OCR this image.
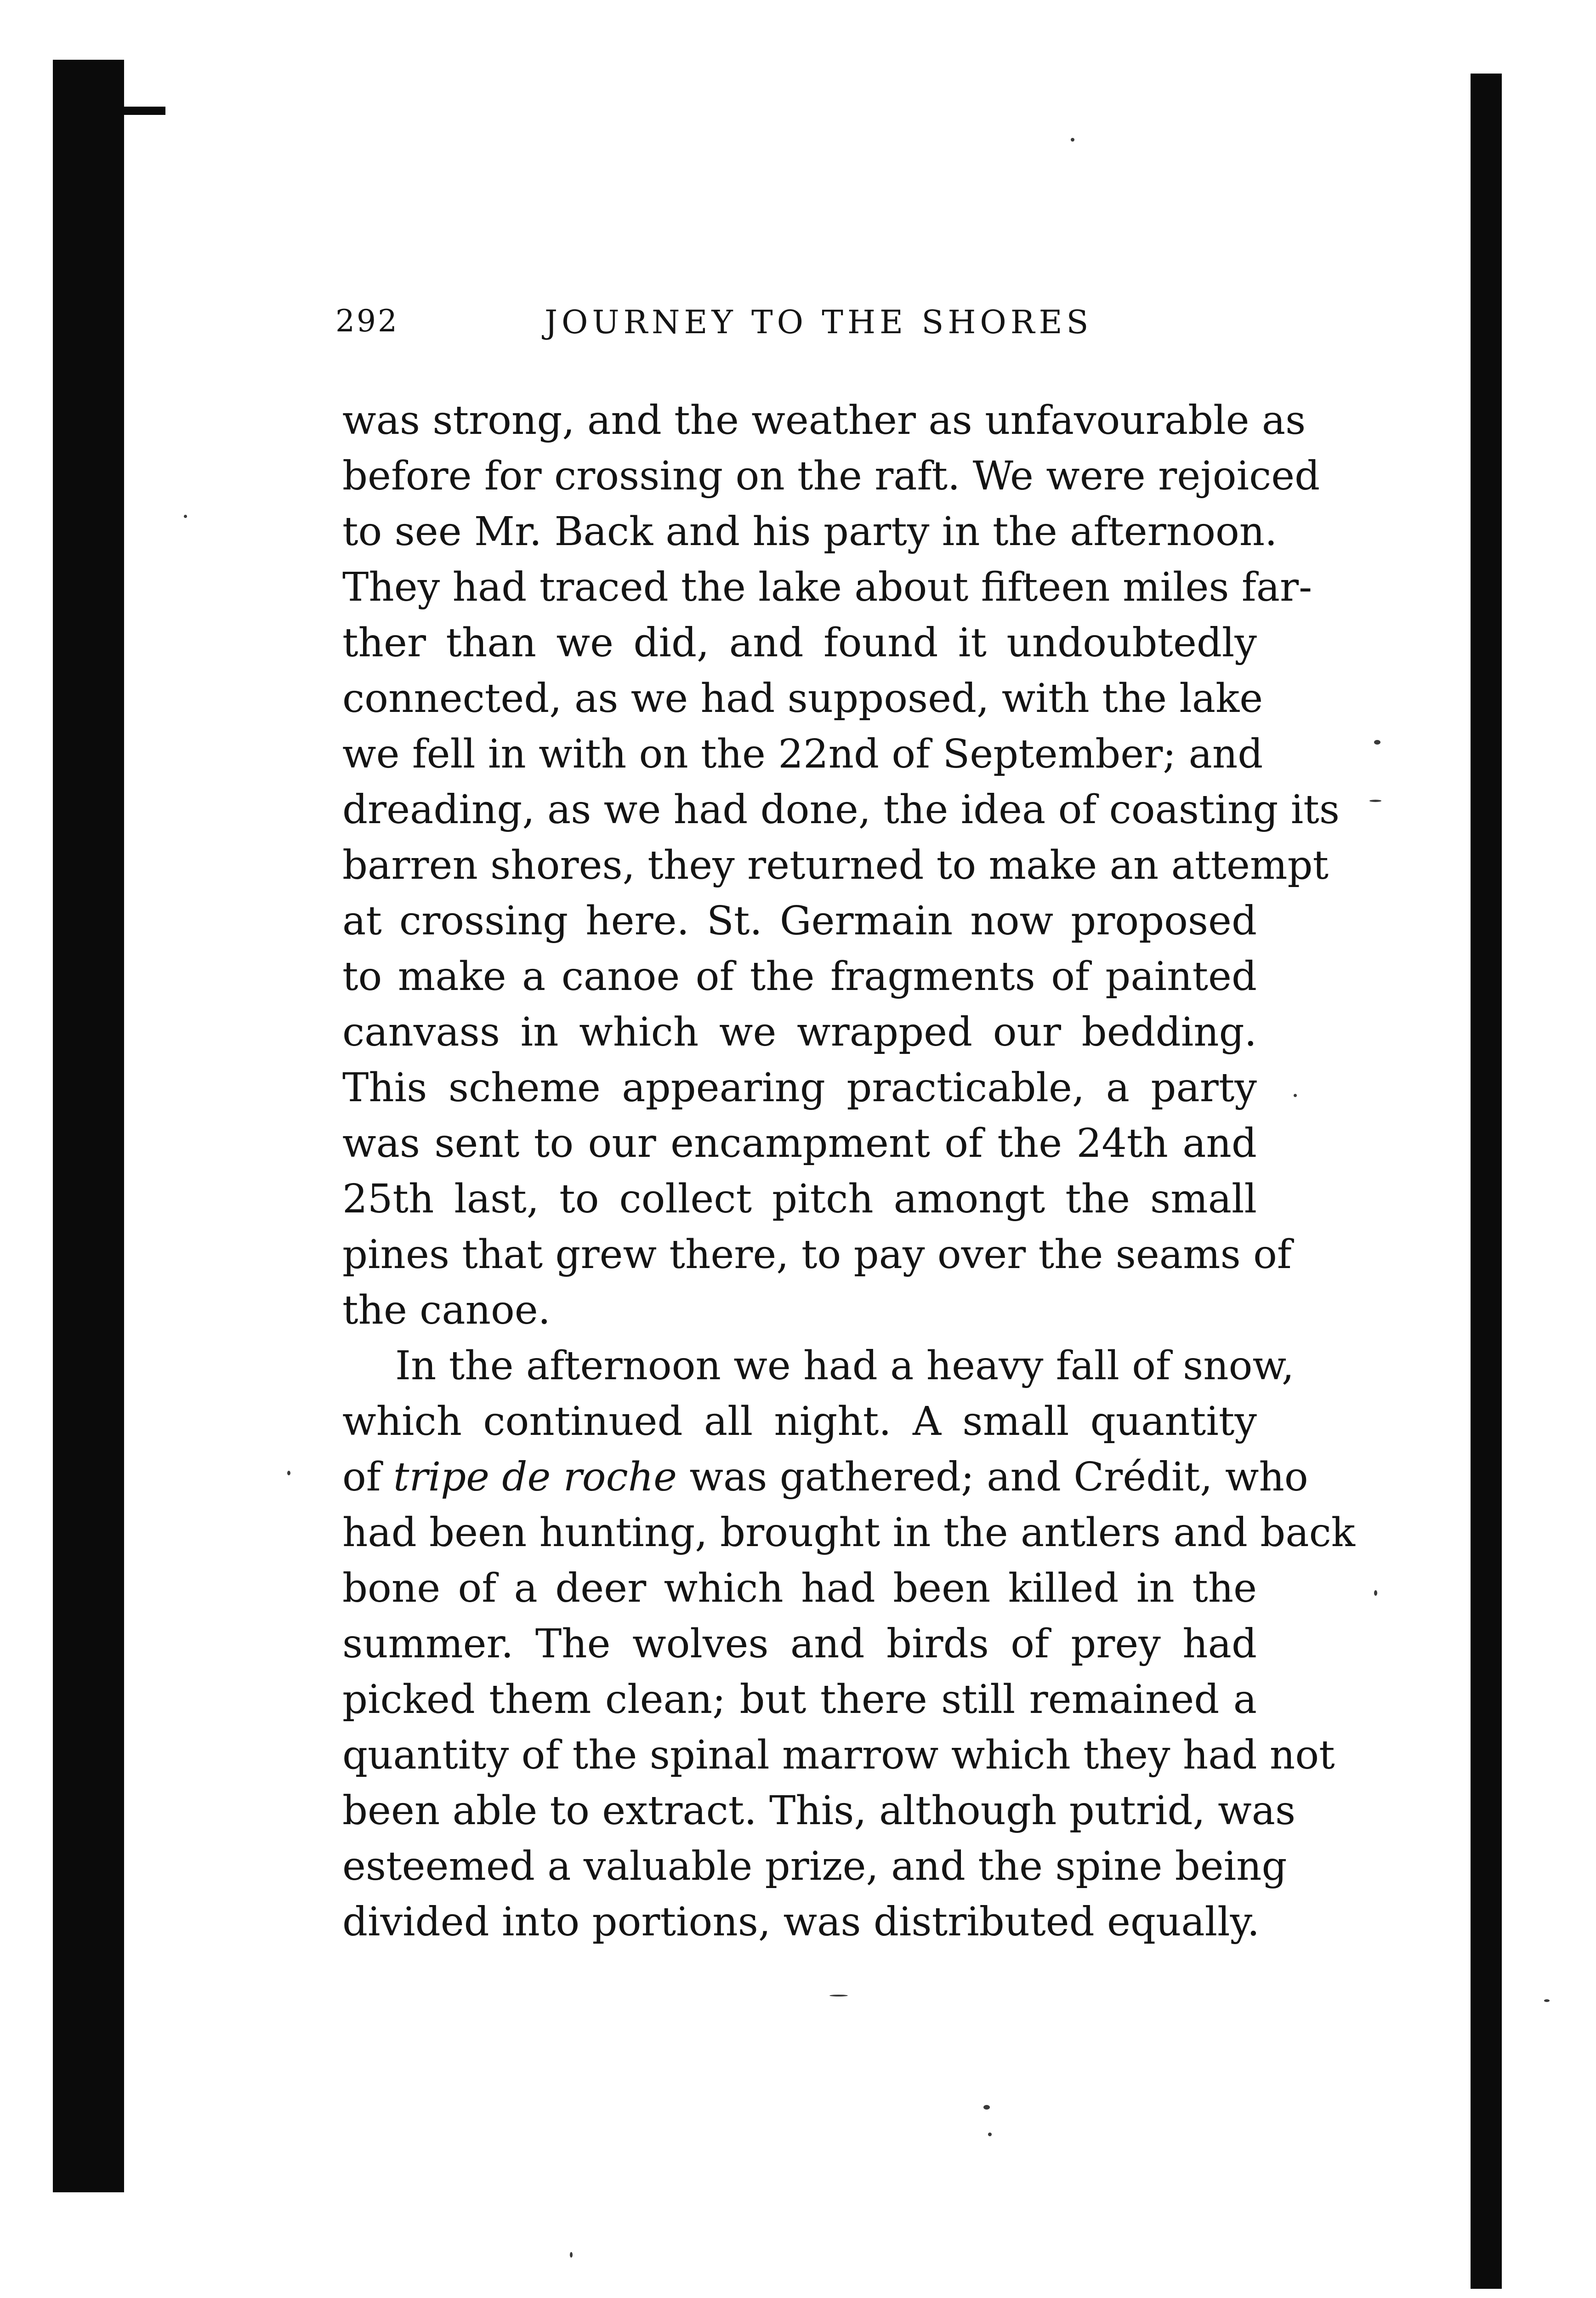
292	JOURNEY TO THE SHORES
was strong, and the weather as unfavourable as
before for crossing on the raft. We were rejoiced
to see Mr. Back and his party in the afternoon.
They had traced the lake about fifteen miles far-
ther than we did, and found it undoubtedly
connected, as we had supposed, with the lake
we fell in with on the 22nd of September; and
dreading, as we had done, the idea of coasting its
barren shores, they returned to make an attempt
at crossing here. St. Germain now proposed
to make a canoe of the fragments of painted
canvass in which we wrapped our bedding.
This scheme appearing practicable, a party
was sent to our encampment of the 24th and
25th last, to collect pitch amongt the small
pines that grew there, to pay over the seams of
the canoe.
In the afternoon we had a heavy fall of snow,
which continued all night. A small quantity
of tripe de roche was gathered; and Crédit, who
had been hunting, brought in the antlers and back
bone of a deer which had been killed in the
summer. The wolves and birds of prey had
picked them clean; but there still remained a
quantity of the spinal marrow which they had not
been able to extract. This, although putrid, was
esteemed a valuable prize, and the spine being
divided into portions, was distributed equally.
